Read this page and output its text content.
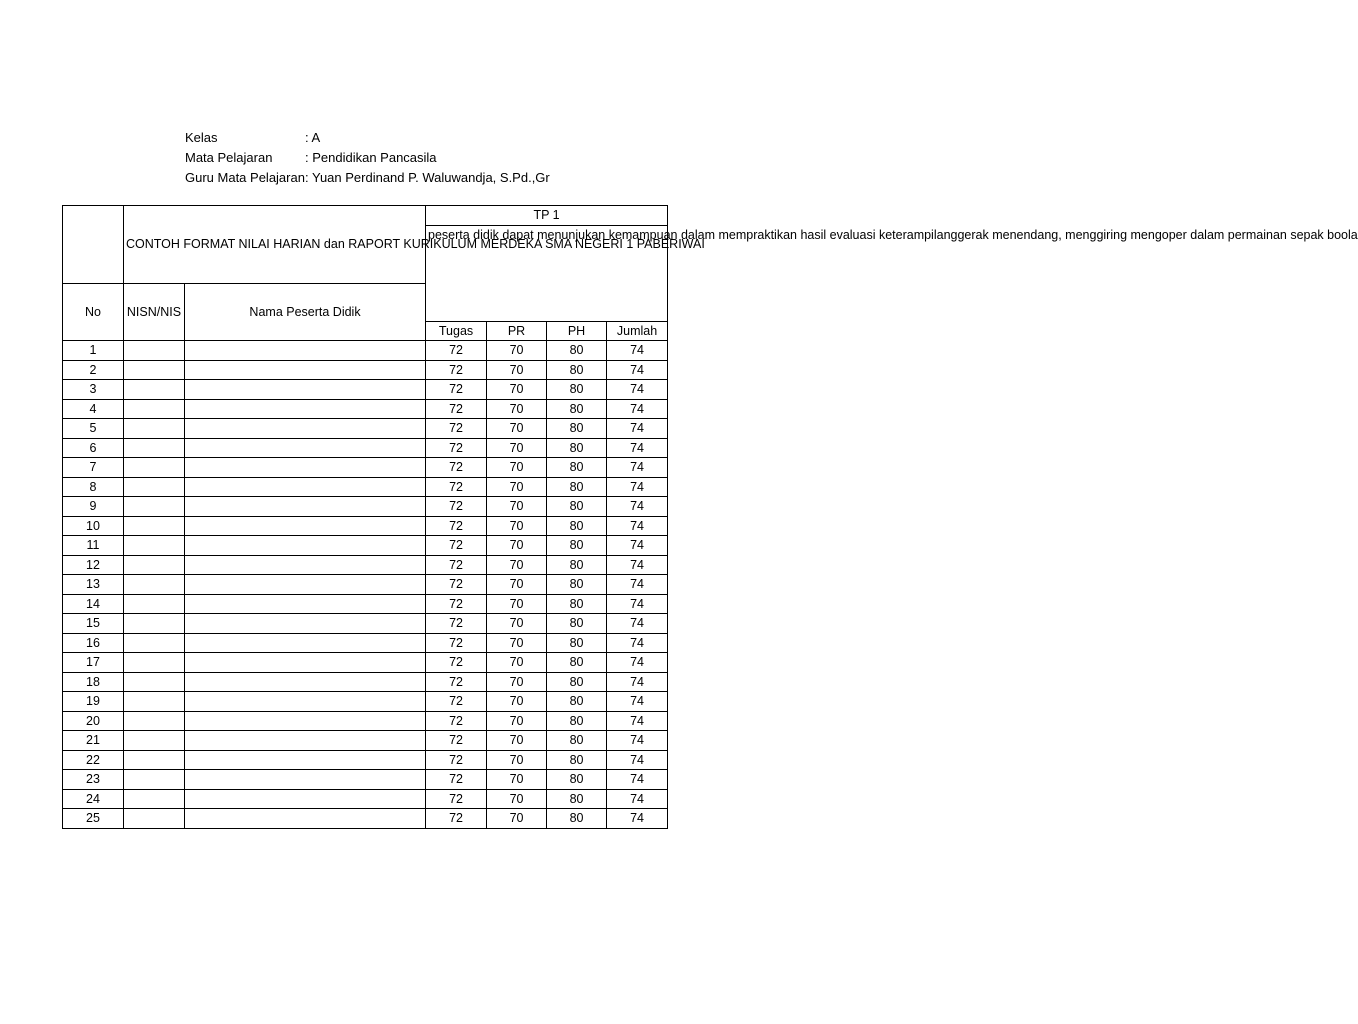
Kelas	: A
Mata Pelajaran	: Pendidikan Pancasila
Guru Mata Pelajaran : Yuan Perdinand P. Waluwandja, S.Pd.,Gr
	CONTOH FORMAT NILAI HARIAN dan RAPORT KURIKULUM MERDEKA SMA NEGERI 1 PABERIWAI		TP 1			
			peserta didik dapat menunjukan kemampuan dalam mempraktikan hasil evaluasi keterampilanggerak menendang, menggiring mengoper dalam permainan sepak boola			
No	NISN/NIS	Nama Peserta Didik				
			Tugas	PR	PH	Jumlah
1			72	70	80	74
2			72	70	80	74
3			72	70	80	74
4			72	70	80	74
5			72	70	80	74
6			72	70	80	74
7			72	70	80	74
8			72	70	80	74
9			72	70	80	74
10			72	70	80	74
11			72	70	80	74
12			72	70	80	74
13			72	70	80	74
14			72	70	80	74
15			72	70	80	74
16			72	70	80	74
17			72	70	80	74
18			72	70	80	74
19			72	70	80	74
20			72	70	80	74
21			72	70	80	74
22			72	70	80	74
23			72	70	80	74
24			72	70	80	74
25			72	70	80	74
